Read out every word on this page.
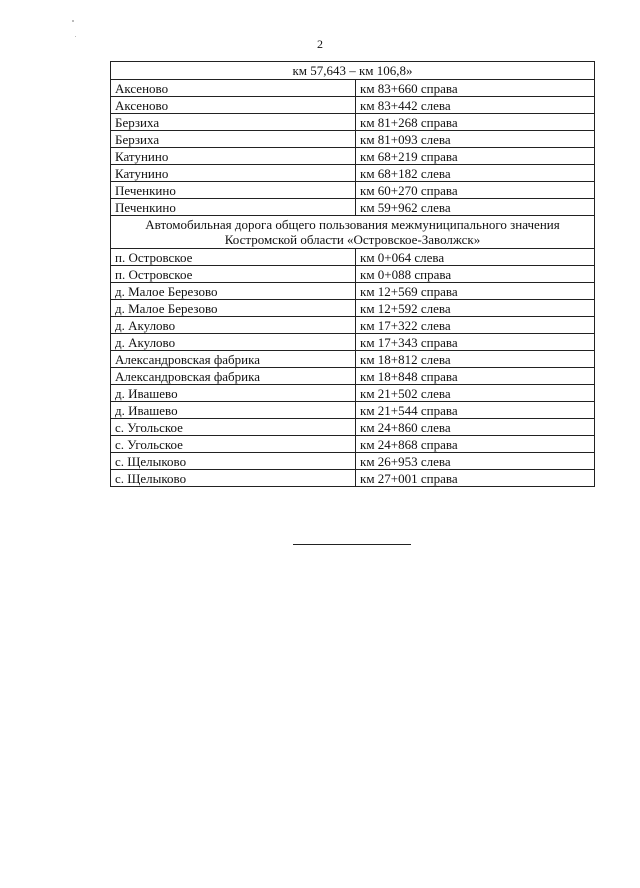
2
км 57,643 – км 106,8»	
Аксеново	км 83+660 справа
Аксеново	км 83+442 слева
Берзиха	км 81+268 справа
Берзиха	км 81+093 слева
Катунино	км 68+219 справа
Катунино	км 68+182 слева
Печенкино	км 60+270 справа
Печенкино	км 59+962 слева
Автомобильная дорога общего пользования межмуниципального значения Костромской области «Островское-Заволжск»	
п. Островское	км 0+064 слева
п. Островское	км 0+088 справа
д. Малое Березово	км 12+569 справа
д. Малое Березово	км 12+592 слева
д. Акулово	км 17+322 слева
д. Акулово	км 17+343 справа
Александровская фабрика	км 18+812 слева
Александровская фабрика	км 18+848 справа
д. Ивашево	км 21+502 слева
д. Ивашево	км 21+544 справа
с. Угольское	км 24+860 слева
с. Угольское	км 24+868 справа
с. Щелыково	км 26+953 слева
с. Щелыково	км 27+001 справа
